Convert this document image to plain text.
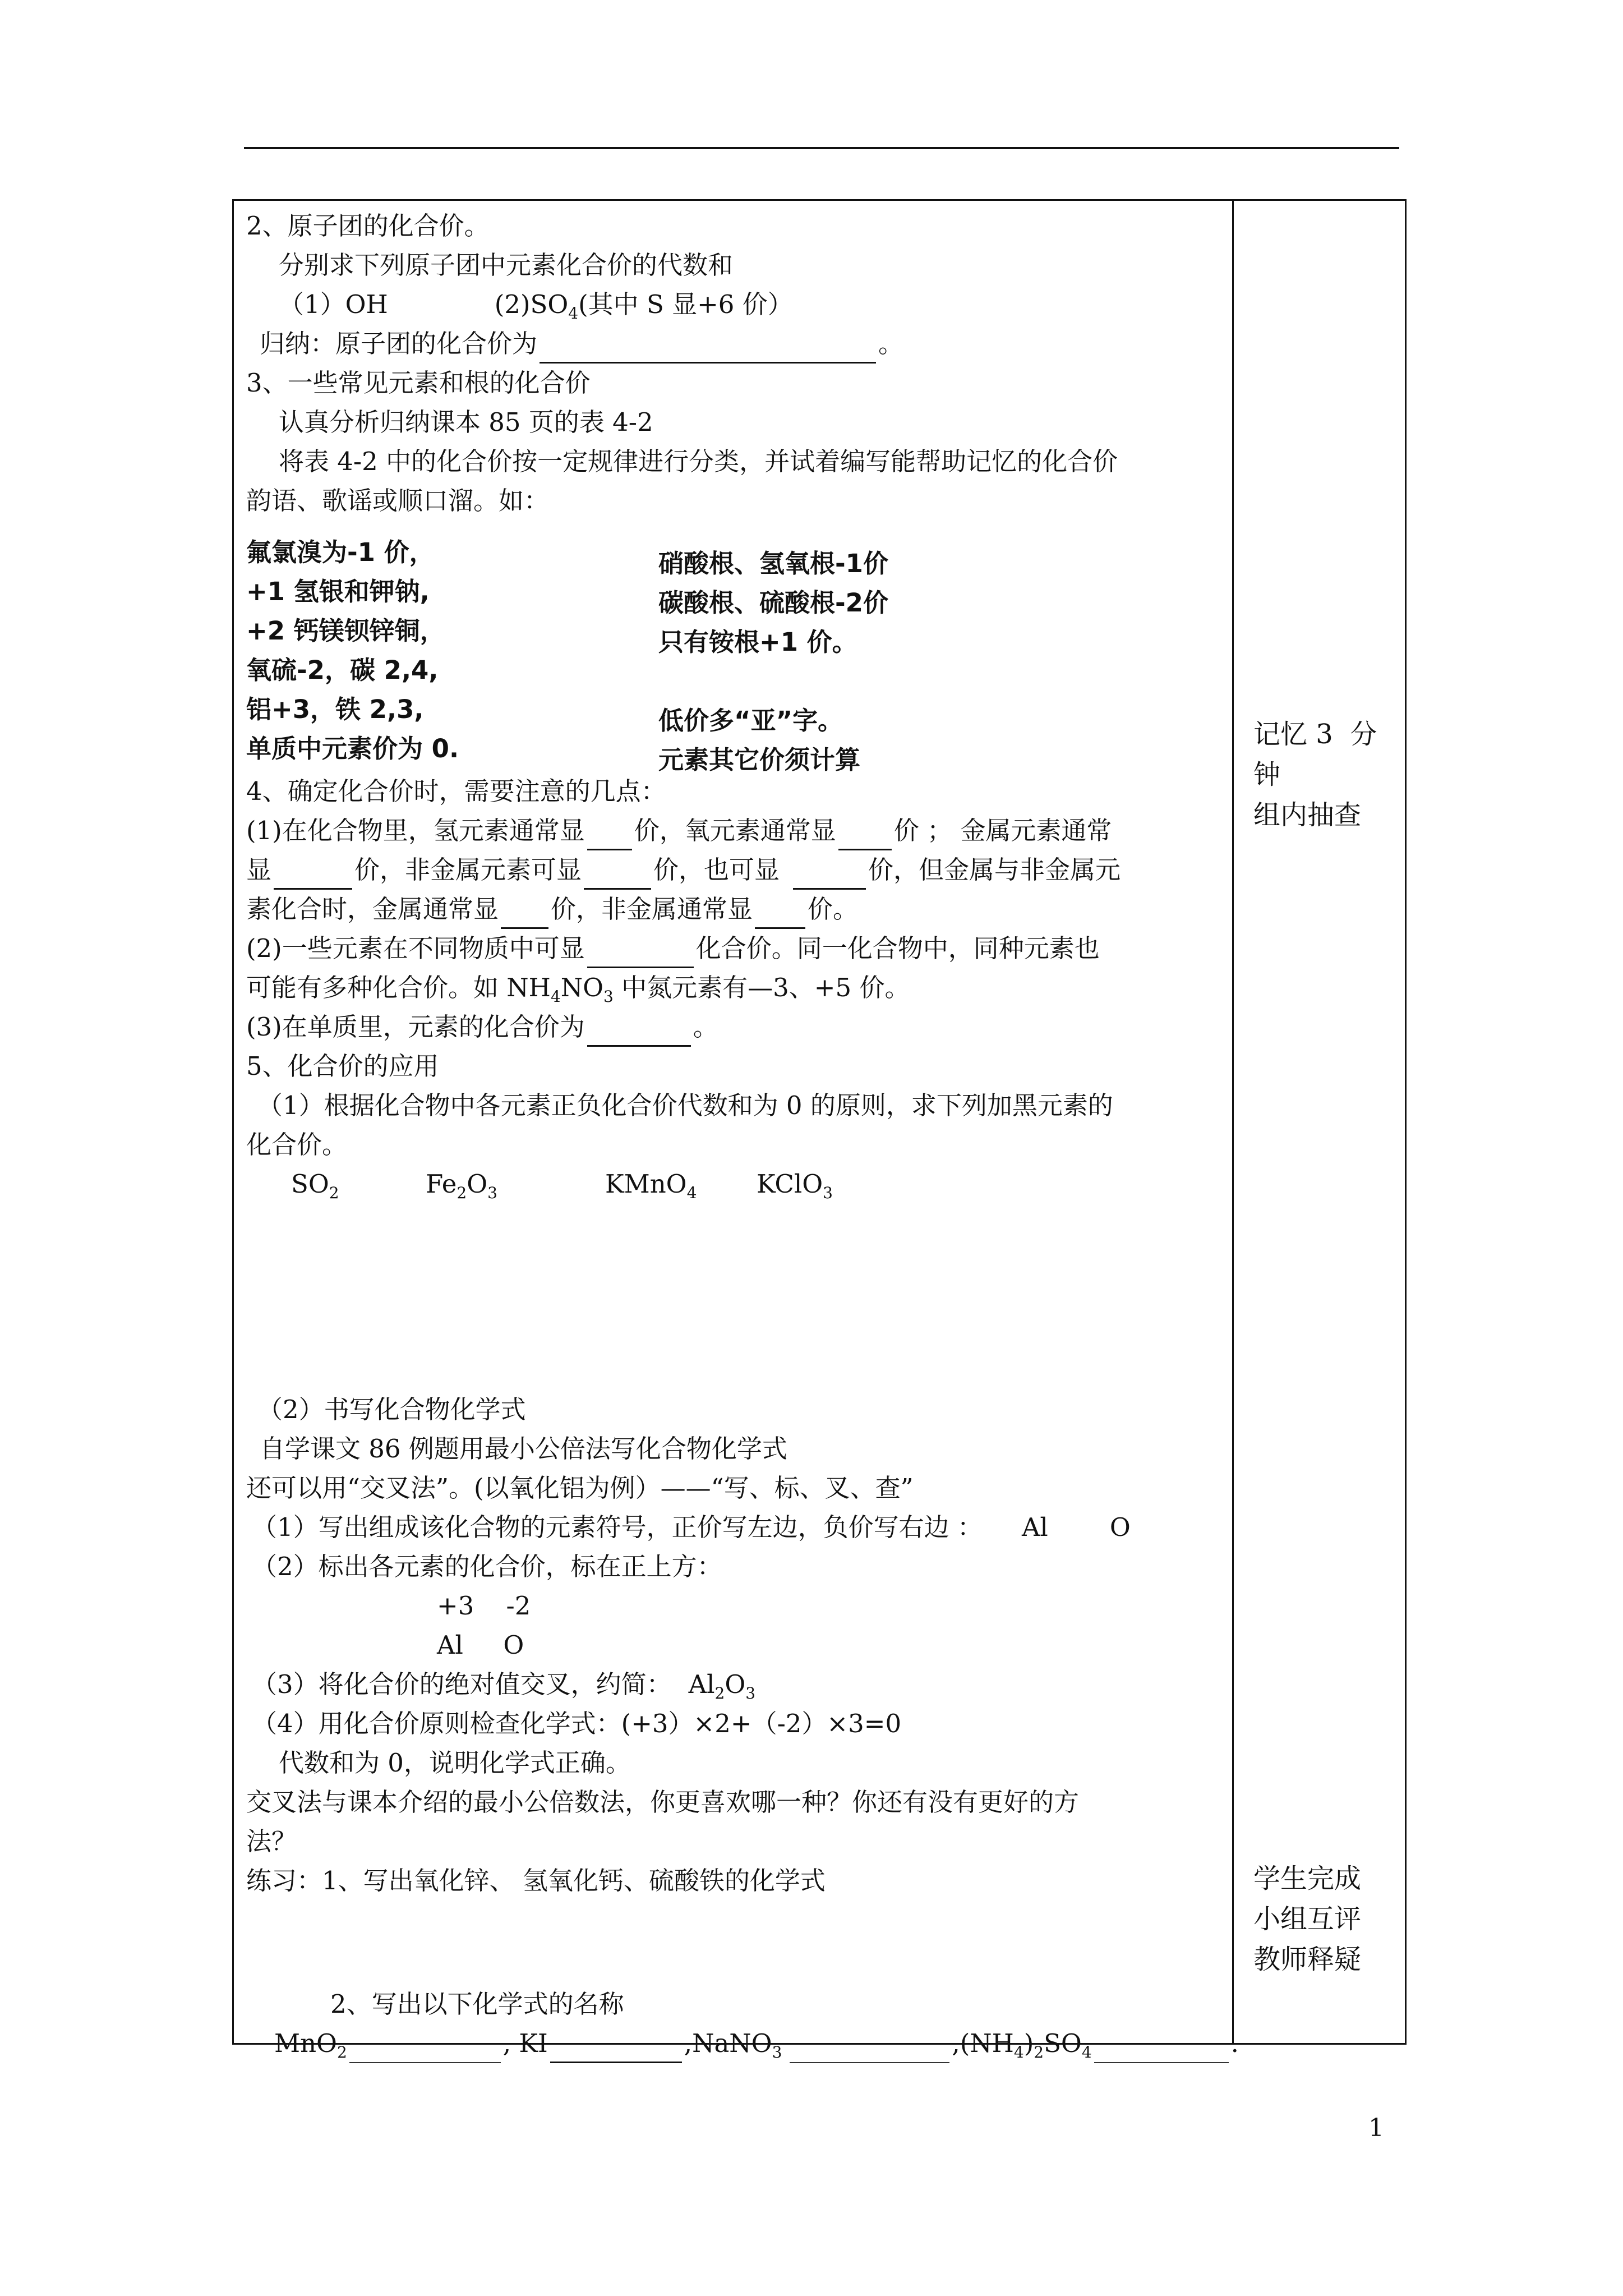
2、原子团的化合价。
分别求下列原子团中元素化合价的代数和
（1）OH	$(2)SO_4$(其中 S 显+6 价）
归纳：原子团的化合价为	。
3、一些常见元素和根的化合价
认真分析归纳课本 85 页的表 4-2
将表 4-2 中的化合价按一定规律进行分类，并试着编写能帮助记忆的化合价
韵语、歌谣或顺口溜。如：
氟氯溴为-1 价，	硝酸根、氢氧根-1价
+1 氢银和钾钠,	碳酸根、硫酸根-2价
+2 钙镁钡锌铜，	只有铵根+1 价。
氧硫-2，碳 2,4,
铝+3，铁 2,3,	低价多“亚”字。
单质中元素价为 0.	元素其它价须计算
4、确定化合价时，需要注意的几点：
(1)在化合物里，氢元素通常显 价，氧元素通常显 价 ； 金属元素通常
显	价，非金属元素可显	价，也可显	价，但金属与非金属元
素化合时，金属通常显 价，非金属通常显 价。
(2)一些元素在不同物质中可显	化合价。同一化合物中，同种元素也
可能有多种化合价。如 $NH_4NO_3$ 中氮元素有—3、+5 价。
(3)在单质里，元素的化合价为	。
5、化合价的应用
（1）根据化合物中各元素正负化合价代数和为 0 的原则，求下列加黑元素的
化合价。
$SO_2$	$Fe_2O_3$	KMnO$_4$ KClO$_3$
（2）书写化合物化学式
自学课文 86 例题用最小公倍法写化合物化学式
还可以用“交叉法”。(以氧化铝为例）——“写、标、叉、查”
（1）写出组成该化合物的元素符号，正价写左边，负价写右边 ： Al O
（2）标出各元素的化合价，标在正上方：
+3    -2
Al     O
（3）将化合价的绝对值交叉，约简： $Al_2O_3$
（4）用化合价原则检查化学式：(+3）×2+（-2）×3=0
代数和为 0，说明化学式正确。
交叉法与课本介绍的最小公倍数法，你更喜欢哪一种？你还有没有更好的方
法？
练习：1、写出氧化锌、 氢氧化钙、硫酸铁的化学式
2、写出以下化学式的名称
MnO$_2$	, KI	,NaNO$_3$	$,(NH_4)_2SO_4$	.
记忆 3  分
钟
组内抽查
学生完成
小组互评
教师释疑
1
